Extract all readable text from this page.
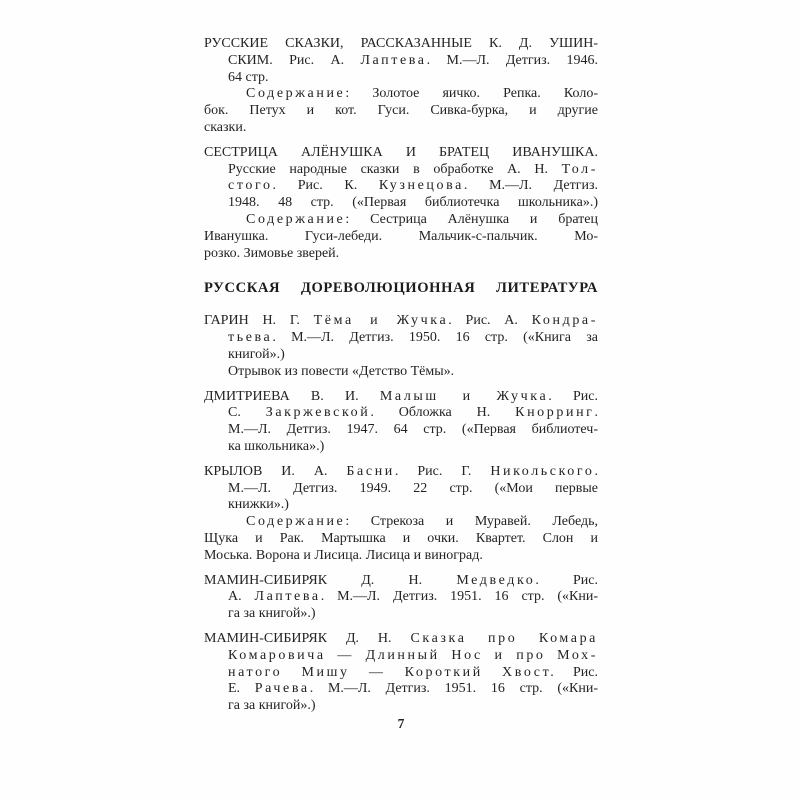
РУССКИЕ СКАЗКИ, РАССКАЗАННЫЕ К. Д. УШИН-
СКИМ. Рис. А. Лаптева. М.—Л. Детгиз. 1946.
64 стр.
Содержание: Золотое яичко. Репка. Коло-
бок. Петух и кот. Гуси. Сивка-бурка, и другие
сказки.
СЕСТРИЦА АЛЁНУШКА И БРАТЕЦ ИВАНУШКА.
Русские народные сказки в обработке А. Н. Тол-
стого. Рис. К. Кузнецова. М.—Л. Детгиз.
1948. 48 стр. («Первая библиотечка школьника».)
Содержание: Сестрица Алёнушка и братец
Иванушка. Гуси-лебеди. Мальчик-с-пальчик. Мо-
розко. Зимовье зверей.
РУССКАЯ ДОРЕВОЛЮЦИОННАЯ ЛИТЕРАТУРА
ГАРИН Н. Г. Тёма и Жучка. Рис. А. Кондра-
тьева. М.—Л. Детгиз. 1950. 16 стр. («Книга за
книгой».)
Отрывок из повести «Детство Тёмы».
ДМИТРИЕВА В. И. Малыш и Жучка. Рис.
С. Закржевской. Обложка Н. Кнорринг.
М.—Л. Детгиз. 1947. 64 стр. («Первая библиотеч-
ка школьника».)
КРЫЛОВ И. А. Басни. Рис. Г. Никольского.
М.—Л. Детгиз. 1949. 22 стр. («Мои первые
книжки».)
Содержание: Стрекоза и Муравей. Лебедь,
Щука и Рак. Мартышка и очки. Квартет. Слон и
Моська. Ворона и Лисица. Лисица и виноград.
МАМИН-СИБИРЯК Д. Н. Медведко. Рис.
А. Лаптева. М.—Л. Детгиз. 1951. 16 стр. («Кни-
га за книгой».)
МАМИН-СИБИРЯК Д. Н. Сказка про Комара
Комаровича — Длинный Нос и про Мох-
натого Мишу — Короткий Хвост. Рис.
Е. Рачева. М.—Л. Детгиз. 1951. 16 стр. («Кни-
га за книгой».)
7
